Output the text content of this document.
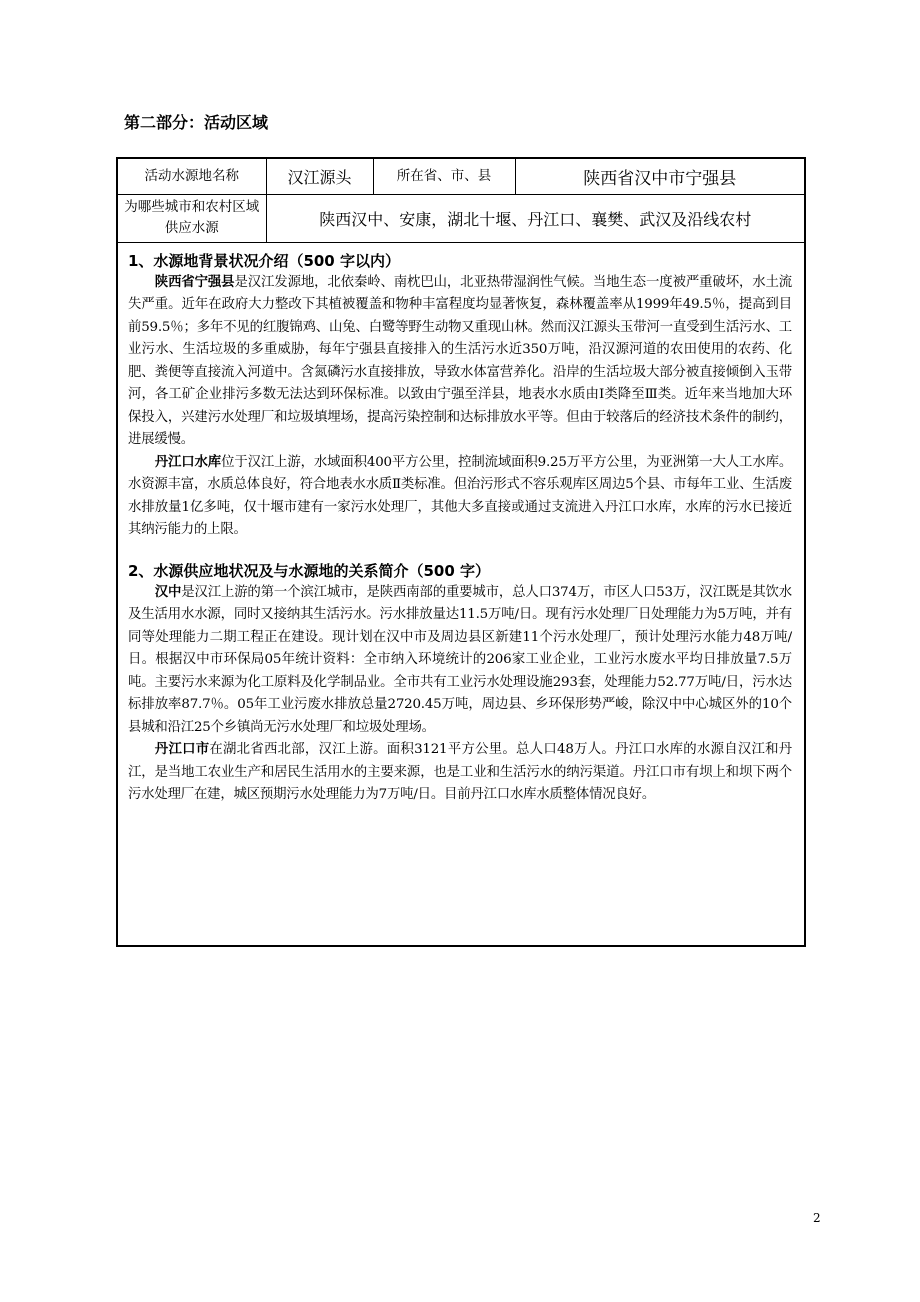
第二部分：活动区域
活动水源地名称	汉江源头	所在省、市、县	陕西省汉中市宁强县
为哪些城市和农村区域供应水源	陕西汉中、安康，湖北十堰、丹江口、襄樊、武汉及沿线农村		
1、水源地背景状况介绍（500 字以内）

陕西省宁强县是汉江发源地，北依秦岭、南枕巴山，北亚热带湿润性气候。当地生态一度被严重破坏，水土流失严重。近年在政府大力整改下其植被覆盖和物种丰富程度均显著恢复，森林覆盖率从1999年49.5％，提高到目前59.5％；多年不见的红腹锦鸡、山兔、白鹭等野生动物又重现山林。然而汉江源头玉带河一直受到生活污水、工业污水、生活垃圾的多重威胁，每年宁强县直接排入的生活污水近350万吨，沿汉源河道的农田使用的农药、化肥、粪便等直接流入河道中。含氮磷污水直接排放，导致水体富营养化。沿岸的生活垃圾大部分被直接倾倒入玉带河，各工矿企业排污多数无法达到环保标准。以致由宁强至洋县，地表水水质由Ⅰ类降至Ⅲ类。近年来当地加大环保投入，兴建污水处理厂和垃圾填埋场，提高污染控制和达标排放水平等。但由于较落后的经济技术条件的制约，进展缓慢。

丹江口水库位于汉江上游，水域面积400平方公里，控制流域面积9.25万平方公里，为亚洲第一大人工水库。水资源丰富，水质总体良好，符合地表水水质Ⅱ类标准。但治污形式不容乐观库区周边5个县、市每年工业、生活废水排放量1亿多吨，仅十堰市建有一家污水处理厂，其他大多直接或通过支流进入丹江口水库，水库的污水已接近其纳污能力的上限。

2、水源供应地状况及与水源地的关系简介（500 字）

汉中是汉江上游的第一个滨江城市，是陕西南部的重要城市，总人口374万，市区人口53万，汉江既是其饮水及生活用水水源，同时又接纳其生活污水。污水排放量达11.5万吨/日。现有污水处理厂日处理能力为5万吨，并有同等处理能力二期工程正在建设。现计划在汉中市及周边县区新建11个污水处理厂，预计处理污水能力48万吨/日。根据汉中市环保局05年统计资料：全市纳入环境统计的206家工业企业，工业污水废水平均日排放量7.5万吨。主要污水来源为化工原料及化学制品业。全市共有工业污水处理设施293套，处理能力52.77万吨/日，污水达标排放率87.7％。05年工业污废水排放总量2720.45万吨，周边县、乡环保形势严峻，除汉中中心城区外的10个县城和沿江25个乡镇尚无污水处理厂和垃圾处理场。

丹江口市在湖北省西北部，汉江上游。面积3121平方公里。总人口48万人。丹江口水库的水源自汉江和丹江，是当地工农业生产和居民生活用水的主要来源，也是工业和生活污水的纳污渠道。丹江口市有坝上和坝下两个污水处理厂在建，城区预期污水处理能力为7万吨/日。目前丹江口水库水质整体情况良好。

2
